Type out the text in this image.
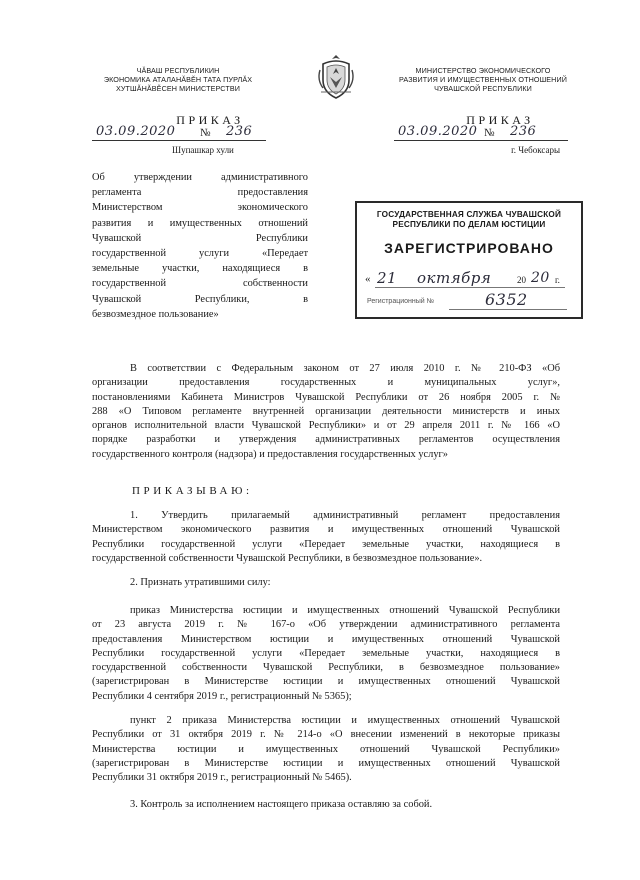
ЧĂВАШ РЕСПУБЛИКИН
ЭКОНОМИКА АТАЛАНĂВĔН ТАТА ПУРЛĂХ
ХУТШĂНĂВĔСЕН МИНИСТЕРСТВИ
МИНИСТЕРСТВО ЭКОНОМИЧЕСКОГО
РАЗВИТИЯ И ИМУЩЕСТВЕННЫХ ОТНОШЕНИЙ
ЧУВАШСКОЙ РЕСПУБЛИКИ
ПРИКАЗ
03.09.2020 № 236
Шупашкар хули
ПРИКАЗ
03.09.2020 № 236
г. Чебоксары
Об утверждении административного
регламента предоставления
Министерством экономического
развития и имущественных отношений
Чувашской Республики
государственной услуги «Передает
земельные участки, находящиеся в
государственной собственности
Чувашской Республики, в
безвозмездное пользование»
ГОСУДАРСТВЕННАЯ СЛУЖБА ЧУВАШСКОЙ
РЕСПУБЛИКИ ПО ДЕЛАМ ЮСТИЦИИ
ЗАРЕГИСТРИРОВАНО
« 21 октября	20 20 г.
Регистрационный №	6352
В соответствии с Федеральным законом от 27 июля 2010 г. № 210-ФЗ «Об
организации предоставления государственных и муниципальных услуг»,
постановлениями Кабинета Министров Чувашской Республики от 26 ноября 2005 г. №
288 «О Типовом регламенте внутренней организации деятельности министерств и иных
органов исполнительной власти Чувашской Республики» и от 29 апреля 2011 г. № 166 «О
порядке разработки и утверждения административных регламентов осуществления
государственного контроля (надзора) и предоставления государственных услуг»
ПРИКАЗЫВАЮ:
1. Утвердить прилагаемый административный регламент предоставления
Министерством экономического развития и имущественных отношений Чувашской
Республики государственной услуги «Передает земельные участки, находящиеся в
государственной собственности Чувашской Республики, в безвозмездное пользование».
2. Признать утратившими силу:
приказ Министерства юстиции и имущественных отношений Чувашской Республики
от 23 августа 2019 г. № 167-о «Об утверждении административного регламента
предоставления Министерством юстиции и имущественных отношений Чувашской
Республики государственной услуги «Передает земельные участки, находящиеся в
государственной собственности Чувашской Республики, в безвозмездное пользование»
(зарегистрирован в Министерстве юстиции и имущественных отношений Чувашской
Республики 4 сентября 2019 г., регистрационный № 5365);
пункт 2 приказа Министерства юстиции и имущественных отношений Чувашской
Республики от 31 октября 2019 г. № 214-о «О внесении изменений в некоторые приказы
Министерства юстиции и имущественных отношений Чувашской Республики»
(зарегистрирован в Министерстве юстиции и имущественных отношений Чувашской
Республики 31 октября 2019 г., регистрационный № 5465).
3. Контроль за исполнением настоящего приказа оставляю за собой.
